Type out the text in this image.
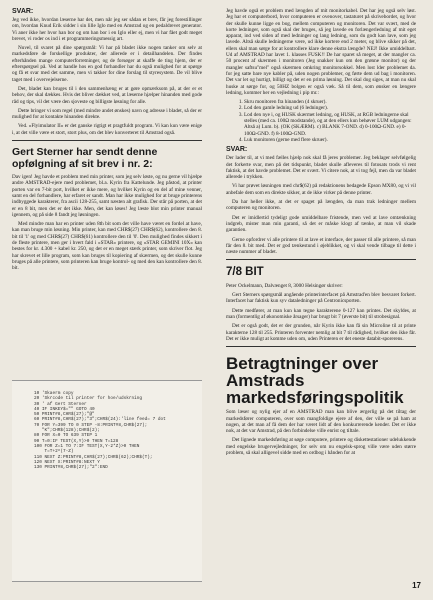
SVAR:

Jeg ved ikke, hvordan læserne har det, men når jeg ser sådan et brev, får jeg forestillinger om, hvordan Knud Erik sidder i sin lille Iglo med en Amstrad og en pedaldrevet generator. Vi aner ikke her hvor han bor og om han bor i en Iglo eller ej, men vi har fået godt meget brevet, vi roder os ind i et programmeringsmessig art.

Nuvel, til svaret på dine spørgsmål: Vi har på bladet ikke nogen tanker om selv at markedsføre de forskellige produkter, der allerede er i detailhandelen. Der findes efterhånden mange computerforretninger, og de forsøger at skaffe de ting hjem, der er efterspørgsel på. Ved at handle hos en god forhandler har du også mulighed for at spørge og få et svar med det samme, men vi takker for dine forslag til styresystem. De vil blive taget med i overvejelserne.

Det, bladet kan bruges til i den sammenhæng er at gøre opmærksom på, at der er et behov, der skal dækkes. Hvis det bliver dækket ved, at læserne hjælper hinanden med gode råd og tips, vil det være den sjoveste og billigste løsning for alle.

Dette bringer vi som regel (med mindre andet ønskes) navn og adresse i bladet, så der er mulighed for at kontakte hinanden direkte.

Ved. »Flyimulator II« er det ganske rigtigt et pragtfuldt program. Vi kan kun være enige i, at det ville være et stort, stort plus, om det blev konverteret til Amstrad også.

Gert Sterner har sendt denne opfølgning af sit brev i nr. 2:

Dav igen! Jeg havde et problem med min printer, som jeg selv løste, og nu gerne vil hjælpe andre AMSTRAD-ejere med problemet, bl.a. Kyrin fra Kattelunde. Jeg påstod, at printer porten var en 7-bit port, hvilket er ikke mere, og hvilket Kyrin og en del af mine venner, samt en del forhandlere, har erfaret er sandt. Man har ikke mulighed for at bruge printerens indbyggede karakterer, fra ascii 128-255, samt næsten alt grafisk. Der står på porten, at det er en 8 bit, men det er det ikke. Men, det kan løses! Jeg læste blot min printer manual igennem, og på side 8 fandt jeg løsningen.

Med mindre man har en printer uden 8th bit som det ville have været en fordel at have, kan man bruge min løsning. Min printer, kan med CHR$(27) CHR$(62), kontrollere den 8. bit til '1' og med CHR$(27) CHR$(61) kontrollere den til '0'. Den mulighed findes sikkert i de fleste printere, men ger i hvert fald i »STAR« printere, og »STAR GEMINI 10X« kan bestes for kr. 4.300 + kabel kr. 250, og det er en meget stærk printer, som skriver flot. Jeg har skrevet et lille program, som kan bruges til kopiering af skærmen, og det skulle kunne bruges på alle printere, som printeren kan bruge kontrol- og med den kan kontrollere den 8. bit.

10 'Skaerm copy
20 'Skrcode til printer for hoe/udskrning
30 ' af Gert Sterner
40 IF INKEY$="" GOTO 40
50 PRINT#8,CHR$(27);"@"
60 PRINT#8,CHR$(27);"3";CHR$(24):'line feed= 7 dot
70 FOR Y=399 TO 0 STEP -8:PRINT#8,CHR$(27);
"K";CHR$(128);CHR$(2);
80 FOR X=0 TO 639 STEP 1
90 T=0:IF TEST(X,Y)>0 THEN T=128
100 FOR Z=1 TO 7:IF TEST(X,Y-2*Z)>0 THEN
T=T+2^(7-Z)
110 NEXT Z:PRINT#8,CHR$(27);CHR$(62);CHR$(T);
120 NEXT X:PRINT#8:NEXT Y
130 PRINT#8,CHR$(27);"2":END

Jeg havde også et problem med længden af mit monitorkabel. Det har jeg også selv løst. Jeg har et computerbord, hvor computeren er ovenover, tastaturet på skrivebordet, og hvor der skulle kunne ligge en bog, mellem computeren og monitoren. Det var svært, med de korte ledninger, som også skal der bruges, så jeg lavede en forlængerledning af mit eget apparat, ind ved siden af med ledninger og lang ledning, som du godt kan lave, som jeg lavede. Altså skulle ledningerne være, ud ikke kortere end 2 meter, og blive sikker på det, ellers skal man sørge for at kontrollere klare denne ekstra længde? NEJ! Ikke umiddelbart. Ud af AMSTRAD har lavet 1. klasses FUSK!! De har sparet så meget, at der mangler ca. 50 procent af skærmen i monitoren (Jeg snakker kun om den grønne monitor) og der mangler saftsu"mel" også skærmen omkring monitorsokkel. Men lost lder problemet da. for jeg satte bare nye kabler på, uden nogen problemer, og førte dem ud bag i monitoren. Det var let og hurtigt, billigt og det er en prima løsning. Det skal dog siges, at man nu skal huske at sørge for, og 50HZ bolgen er også væk. Så til dem, som ønsker en længere ledning, kommer her en vejledning i pip mr.:

1. Skru monitoren fra hinanden (4 skruer).
2. Lod den gamle ledning ud (6 ledninger).
3. Lod den nye i, og HUSK skærmet ledning, og HUSK, at RGB ledningerne skal stelles (med ca. 100Ω modstande), og at den ellers kun behøver LUM udgangen: Altså a) Lum. b). (OK (SKÆRM). c) BLANK 7-OND. d) 0-100Ω-GND. e) 0-100Ω-GND. f) 8-100Ω-GND.
4. Luk monitoren (gerne med flere skruer).
SVAR:

Der lader til, at vi med fælles hjælp nok skal få jeres problemer. Jeg beklager selvfølgelig det forkerte svar, men på det tidspunkt, bladet skulle afleveres til fotosats trods vi rent faktisk, at det havde problemet. Det er svært. Vi citere nok, at vi tog fejl, men da var bladet allerede i trykken.

Vi har prøvet løsningen med chr$(62) på redaktionens bedagede Epson MX80, og vi vil anbefale dem som en direkte sikker, at de ikke virker på denne printer.

Da har heller ikke, at det er spaget på længden, da man trak ledninger mellem computeren og monitoren.

Det er imidlertid tydeligt gode umiddelbare fristende, men ved at lave omtænkning indgreb, mister man min garanti, så det er måske klogt af tænke, at man vil skade garantien.

Gerne opfordrer vi alle printere til at lave et interface, der passer til alle printere, så man får den 8. bit med. Det er god tænkestund i øjeblikket, og vi skal vende tilbage til dette i næste nummer af bladet.

7/8 BIT

Peter Ockelmann, Dalvænget 8, 3000 Helsingør skriver:

Gert Sterners spørgsmål angående printerinterfacet på Amstrad'en blev besvaret forkert. Interfacet har faktisk kun syv dataledninger på Centronicsporten.

Dette medfører, at man kun kan tegne karakterene 0-127 kan printes. Det skyldes, at man (formentlig af økonomiske årsager) har brugt bit 7 (øverste bit) til strobesignal.

Det er også godt, det er der grunden, når Kyrin ikke kan få sin Microline til at printe karakterne 128 til 255. Printeren forventer nemlig at bit 7 til rådighed, hvilket den ikke får. Det er ikke muligt at komme uden om, uden Printeren er det eneste databit-sporerens.

Betragtninger over Amstrads markedsføringspolitik

Som læser og nylig ejer af en AMSTRAD man kan blive ærgerlig på det tiltag der markedsfører computeren, over som mangfoldige ejere af den, der ville se på ham at nogen, at det man af få dem der har været lidt af den konkurrerende kender. Det er ikke nok, at det var Amstrad, på den forbindelse ville enrist og tiltale.

Det lignede markedsføring at søge computere, printere og diskettestationer udelukkende med engelske brugervejledninger, for selv om nu engelsk-sprog ville være uden større problem, så skal alligevel sidde med en ordbog i hånden for at

17
